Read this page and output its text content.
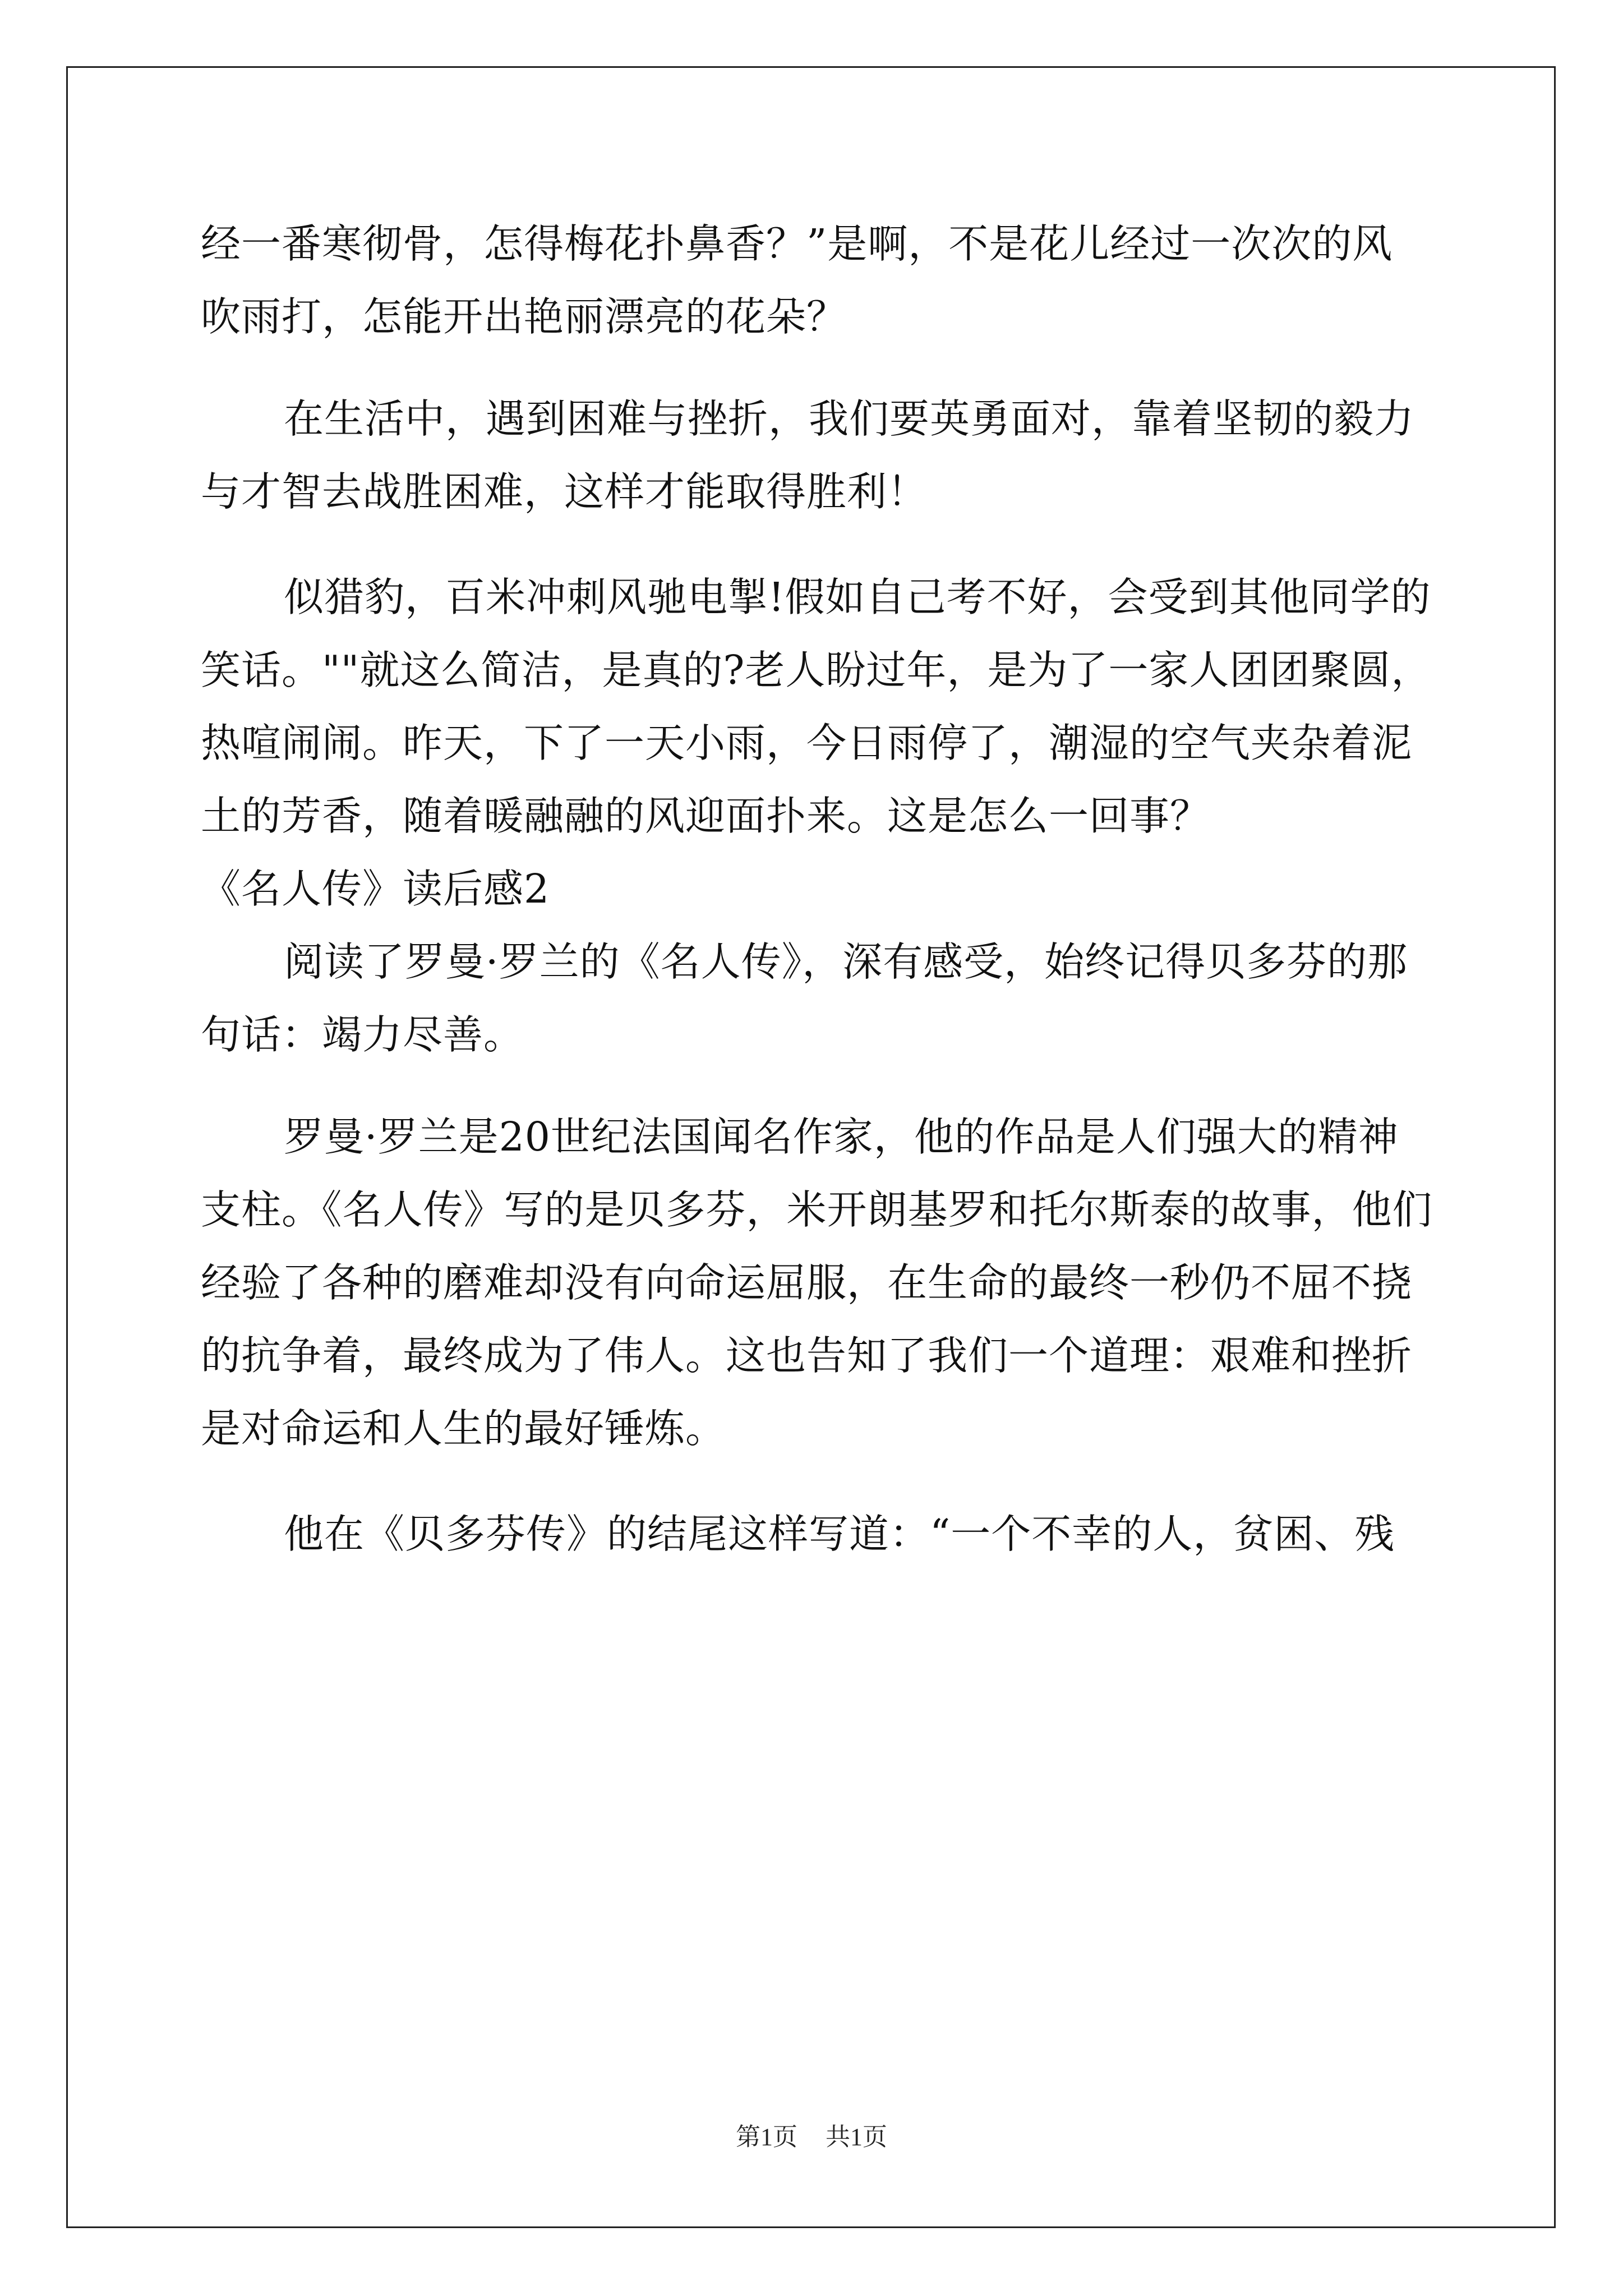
经一番寒彻骨，怎得梅花扑鼻香？”是啊，不是花儿经过一次次的风
吹雨打，怎能开出艳丽漂亮的花朵？
在生活中，遇到困难与挫折，我们要英勇面对，靠着坚韧的毅力
与才智去战胜困难，这样才能取得胜利！
似猎豹，百米冲刺风驰电掣!假如自己考不好，会受到其他同学的
笑话。""就这么简洁，是真的?老人盼过年，是为了一家人团团聚圆，
热喧闹闹。昨天，下了一天小雨，今日雨停了，潮湿的空气夹杂着泥
土的芳香，随着暖融融的风迎面扑来。这是怎么一回事？
《名人传》读后感2
阅读了罗曼·罗兰的《名人传》，深有感受，始终记得贝多芬的那
句话：竭力尽善。
罗曼·罗兰是20世纪法国闻名作家，他的作品是人们强大的精神
支柱。《名人传》写的是贝多芬，米开朗基罗和托尔斯泰的故事，他们
经验了各种的磨难却没有向命运屈服，在生命的最终一秒仍不屈不挠
的抗争着，最终成为了伟人。这也告知了我们一个道理：艰难和挫折
是对命运和人生的最好锤炼。
他在《贝多芬传》的结尾这样写道：“一个不幸的人，贫困、残
第1页 共1页
